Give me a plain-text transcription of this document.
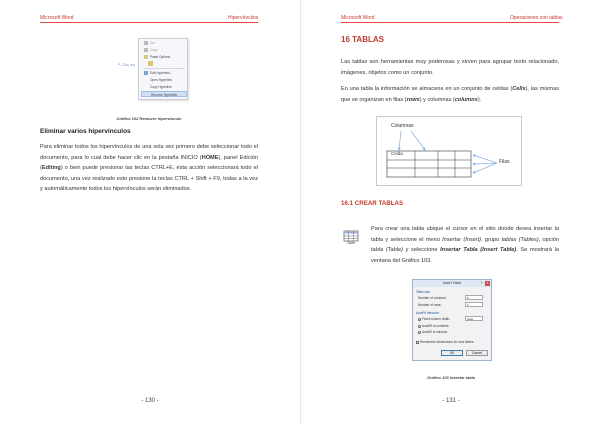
Microsoft Word	Hipervínculos
↖ Clic aq
Cut
Copy
Paste Options:
Edit Hyperlink...
Open Hyperlink
Copy Hyperlink
Remove Hyperlink
Gráfico 102 Remover hipervínculo
Eliminar varios hipervínculos
Para eliminar todos los hipervínculos de una sola vez primero debe seleccionar todo el documento, para lo cual debe hacer clic en la pestaña INICIO (HOME), panel Edición (Editing) o bien puede presionar las teclas CTRL+E, ésta acción seleccionará todo el documento, una vez realizado esto presione la teclas CTRL + Shift + F9, todas a la vez y automáticamente todos los hipervínculos serán eliminados.
- 130 -
Microsoft Word	Operaciones con tablas
16 TABLAS
Las tablas son herramientas muy poderosas y sirven para agrupar texto relacionado, imágenes, objetos como un conjunto.
En una tabla la información se almacena en un conjunto de celdas (Cells), las mismas que se organizan en filas (rows) y columnas (columns).
Gráfico 103 Insertar tabla
16.1 CREAR TABLAS
Para crear una tabla ubique el cursor en el sitio donde desea insertar la tabla y seleccione el menú Insertar (Insert), grupo tablas (Tables), opción tabla (Table) y seleccione Insertar Tabla (Insert Table). Se mostrará la ventana del Gráfico 103.
- 131 -
Table
Columnas
Celda
Filas
Insert Table	?	x
Table size
Number of columns:	5
Number of rows:	2
AutoFit behavior
Fixed column width:	Auto
AutoFit to contents
AutoFit to window
Remember dimensions for new tables
OK	Cancel
